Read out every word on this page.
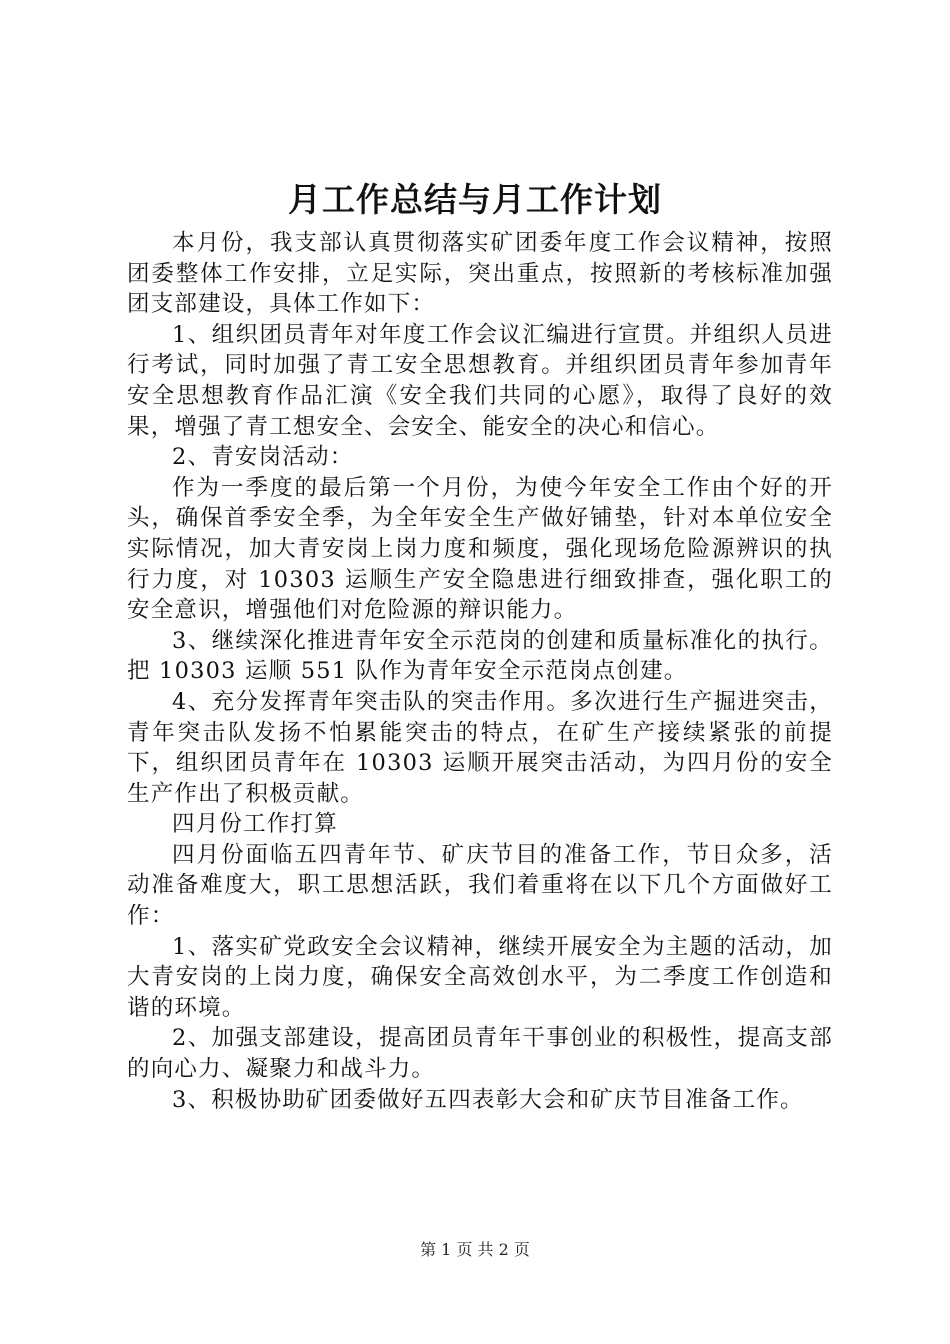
月工作总结与月工作计划

本月份，我支部认真贯彻落实矿团委年度工作会议精神，按照团委整体工作安排，立足实际，突出重点，按照新的考核标准加强团支部建设，具体工作如下：

1、组织团员青年对年度工作会议汇编进行宣贯。并组织人员进行考试，同时加强了青工安全思想教育。并组织团员青年参加青年安全思想教育作品汇演《安全我们共同的心愿》，取得了良好的效果，增强了青工想安全、会安全、能安全的决心和信心。

2、青安岗活动：

作为一季度的最后第一个月份，为使今年安全工作由个好的开头，确保首季安全季，为全年安全生产做好铺垫，针对本单位安全实际情况，加大青安岗上岗力度和频度，强化现场危险源辨识的执行力度，对 10303 运顺生产安全隐患进行细致排查，强化职工的安全意识，增强他们对危险源的辩识能力。

3、继续深化推进青年安全示范岗的创建和质量标准化的执行。把 10303 运顺 551 队作为青年安全示范岗点创建。

4、充分发挥青年突击队的突击作用。多次进行生产掘进突击，青年突击队发扬不怕累能突击的特点，在矿生产接续紧张的前提下，组织团员青年在 10303 运顺开展突击活动，为四月份的安全生产作出了积极贡献。

四月份工作打算

四月份面临五四青年节、矿庆节目的准备工作，节日众多，活动准备难度大，职工思想活跃，我们着重将在以下几个方面做好工作：

1、落实矿党政安全会议精神，继续开展安全为主题的活动，加大青安岗的上岗力度，确保安全高效创水平，为二季度工作创造和谐的环境。

2、加强支部建设，提高团员青年干事创业的积极性，提高支部的向心力、凝聚力和战斗力。

3、积极协助矿团委做好五四表彰大会和矿庆节目准备工作。

第 1 页 共 2 页
